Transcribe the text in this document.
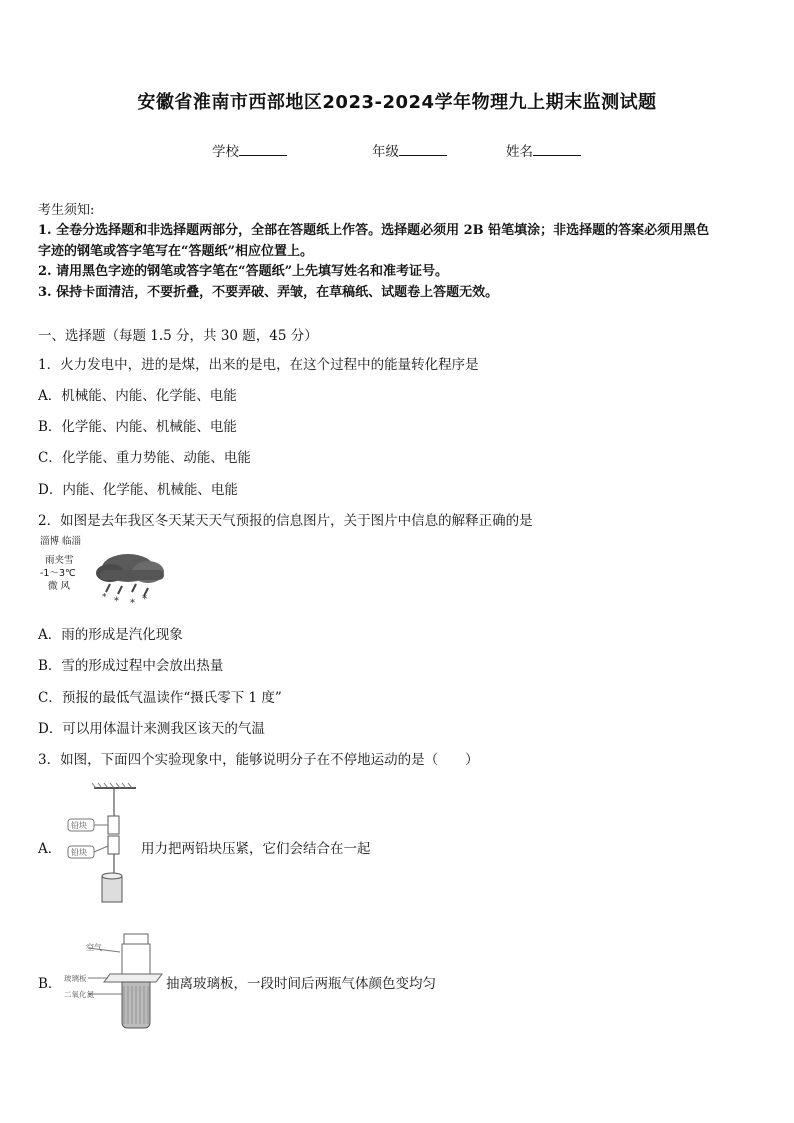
安徽省淮南市西部地区2023-2024学年物理九上期末监测试题
学校	年级	姓名
考生须知:
1. 全卷分选择题和非选择题两部分，全部在答题纸上作答。选择题必须用 2B 铅笔填涂；非选择题的答案必须用黑色
字迹的钢笔或答字笔写在“答题纸”相应位置上。
2. 请用黑色字迹的钢笔或答字笔在“答题纸”上先填写姓名和准考证号。
3. 保持卡面清洁，不要折叠，不要弄破、弄皱，在草稿纸、试题卷上答题无效。
一、选择题（每题 1.5 分，共 30 题，45 分）
1．火力发电中，进的是煤，出来的是电，在这个过程中的能量转化程序是
A．机械能、内能、化学能、电能
B．化学能、内能、机械能、电能
C．化学能、重力势能、动能、电能
D．内能、化学能、机械能、电能
2．如图是去年我区冬天某天天气预报的信息图片，关于图片中信息的解释正确的是
淄博 临淄
雨夹雪
-1～3℃
微 风
* * *
*
A．雨的形成是汽化现象
B．雪的形成过程中会放出热量
C．预报的最低气温读作“摄氏零下 1 度”
D．可以用体温计来测我区该天的气温
3．如图，下面四个实验现象中，能够说明分子在不停地运动的是（　　）
A．
铅块
铅块	用力把两铅块压紧，它们会结合在一起
B．
空气
玻璃板
二氧化氮
抽离玻璃板，一段时间后两瓶气体颜色变均匀
